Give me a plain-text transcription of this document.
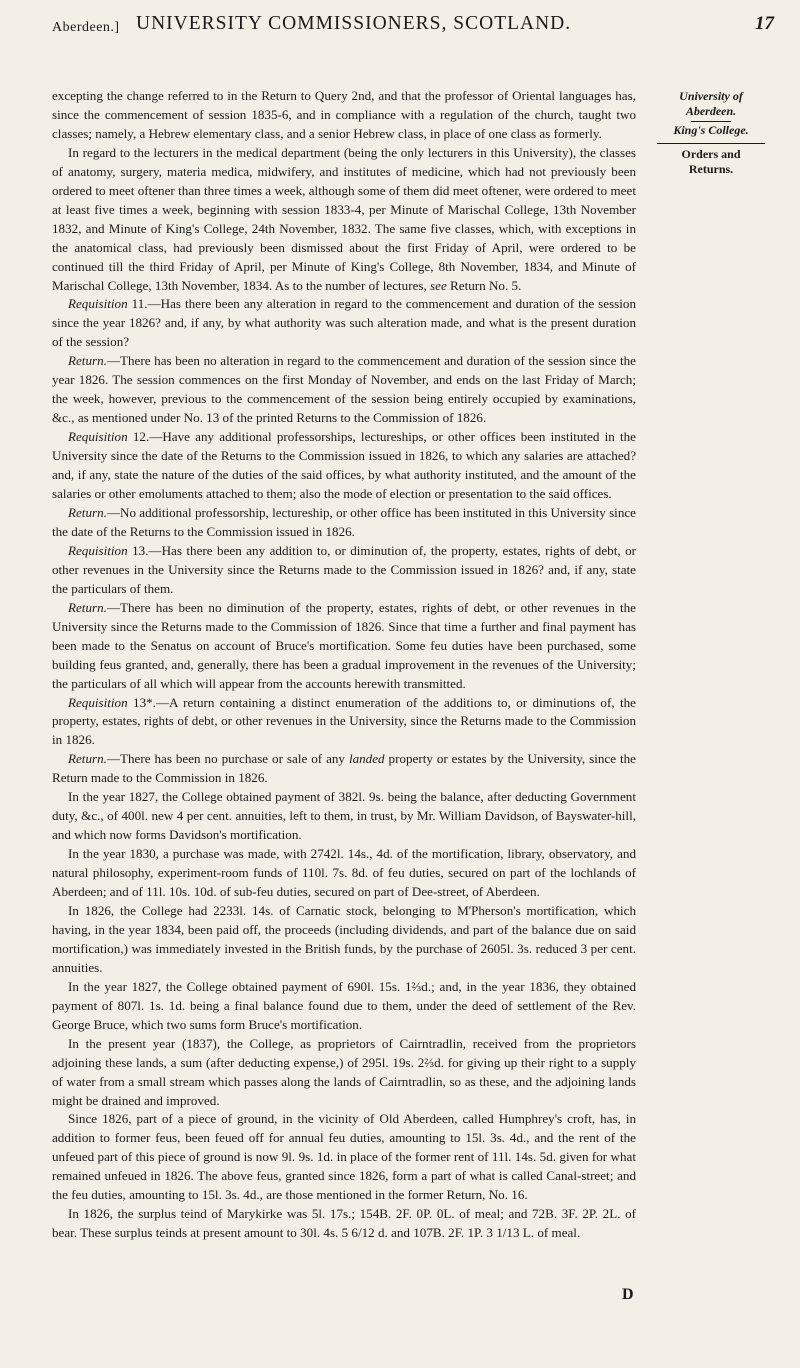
Aberdeen.] UNIVERSITY COMMISSIONERS, SCOTLAND.	17
University of
Aberdeen.
King's College.
Orders and
Returns.

excepting the change referred to in the Return to Query 2nd, and that the professor of Oriental languages has, since the commencement of session 1835-6, and in compliance with a regulation of the church, taught two classes; namely, a Hebrew elementary class, and a senior Hebrew class, in place of one class as formerly.

In regard to the lecturers in the medical department (being the only lecturers in this University), the classes of anatomy, surgery, materia medica, midwifery, and institutes of medicine, which had not previously been ordered to meet oftener than three times a week, although some of them did meet oftener, were ordered to meet at least five times a week, beginning with session 1833-4, per Minute of Marischal College, 13th November 1832, and Minute of King's College, 24th November, 1832. The same five classes, which, with exceptions in the anatomical class, had previously been dismissed about the first Friday of April, were ordered to be continued till the third Friday of April, per Minute of King's College, 8th November, 1834, and Minute of Marischal College, 13th November, 1834. As to the number of lectures, see Return No. 5.

Requisition 11.—Has there been any alteration in regard to the commencement and duration of the session since the year 1826? and, if any, by what authority was such alteration made, and what is the present duration of the session?

Return.—There has been no alteration in regard to the commencement and duration of the session since the year 1826. The session commences on the first Monday of November, and ends on the last Friday of March; the week, however, previous to the commencement of the session being entirely occupied by examinations, &c., as mentioned under No. 13 of the printed Returns to the Commission of 1826.

Requisition 12.—Have any additional professorships, lectureships, or other offices been instituted in the University since the date of the Returns to the Commission issued in 1826, to which any salaries are attached? and, if any, state the nature of the duties of the said offices, by what authority instituted, and the amount of the salaries or other emoluments attached to them; also the mode of election or presentation to the said offices.

Return.—No additional professorship, lectureship, or other office has been instituted in this University since the date of the Returns to the Commission issued in 1826.

Requisition 13.—Has there been any addition to, or diminution of, the property, estates, rights of debt, or other revenues in the University since the Returns made to the Commission issued in 1826? and, if any, state the particulars of them.

Return.—There has been no diminution of the property, estates, rights of debt, or other revenues in the University since the Returns made to the Commission of 1826. Since that time a further and final payment has been made to the Senatus on account of Bruce's mortification. Some feu duties have been purchased, some building feus granted, and, generally, there has been a gradual improvement in the revenues of the University; the particulars of all which will appear from the accounts herewith transmitted.

Requisition 13*.—A return containing a distinct enumeration of the additions to, or diminutions of, the property, estates, rights of debt, or other revenues in the University, since the Returns made to the Commission in 1826.

Return.—There has been no purchase or sale of any landed property or estates by the University, since the Return made to the Commission in 1826.

In the year 1827, the College obtained payment of 382l. 9s. being the balance, after deducting Government duty, &c., of 400l. new 4 per cent. annuities, left to them, in trust, by Mr. William Davidson, of Bayswater-hill, and which now forms Davidson's mortification.

In the year 1830, a purchase was made, with 2742l. 14s., 4d. of the mortification, library, observatory, and natural philosophy, experiment-room funds of 110l. 7s. 8d. of feu duties, secured on part of the lochlands of Aberdeen; and of 11l. 10s. 10d. of sub-feu duties, secured on part of Dee-street, of Aberdeen.

In 1826, the College had 2233l. 14s. of Carnatic stock, belonging to M'Pherson's mortification, which having, in the year 1834, been paid off, the proceeds (including dividends, and part of the balance due on said mortification,) was immediately invested in the British funds, by the purchase of 2605l. 3s. reduced 3 per cent. annuities.

In the year 1827, the College obtained payment of 690l. 15s. 1⅔d.; and, in the year 1836, they obtained payment of 807l. 1s. 1d. being a final balance found due to them, under the deed of settlement of the Rev. George Bruce, which two sums form Bruce's mortification.

In the present year (1837), the College, as proprietors of Cairntradlin, received from the proprietors adjoining these lands, a sum (after deducting expense,) of 295l. 19s. 2⅔d. for giving up their right to a supply of water from a small stream which passes along the lands of Cairntradlin, so as these, and the adjoining lands might be drained and improved.

Since 1826, part of a piece of ground, in the vicinity of Old Aberdeen, called Humphrey's croft, has, in addition to former feus, been feued off for annual feu duties, amounting to 15l. 3s. 4d., and the rent of the unfeued part of this piece of ground is now 9l. 9s. 1d. in place of the former rent of 11l. 14s. 5d. given for what remained unfeued in 1826. The above feus, granted since 1826, form a part of what is called Canal-street; and the feu duties, amounting to 15l. 3s. 4d., are those mentioned in the former Return, No. 16.

In 1826, the surplus teind of Marykirke was 5l. 17s.; 154B. 2F. 0P. 0L. of meal; and 72B. 3F. 2P. 2L. of bear. These surplus teinds at present amount to 30l. 4s. 5 6/12 d. and 107B. 2F. 1P. 3 1/13 L. of meal.

D
